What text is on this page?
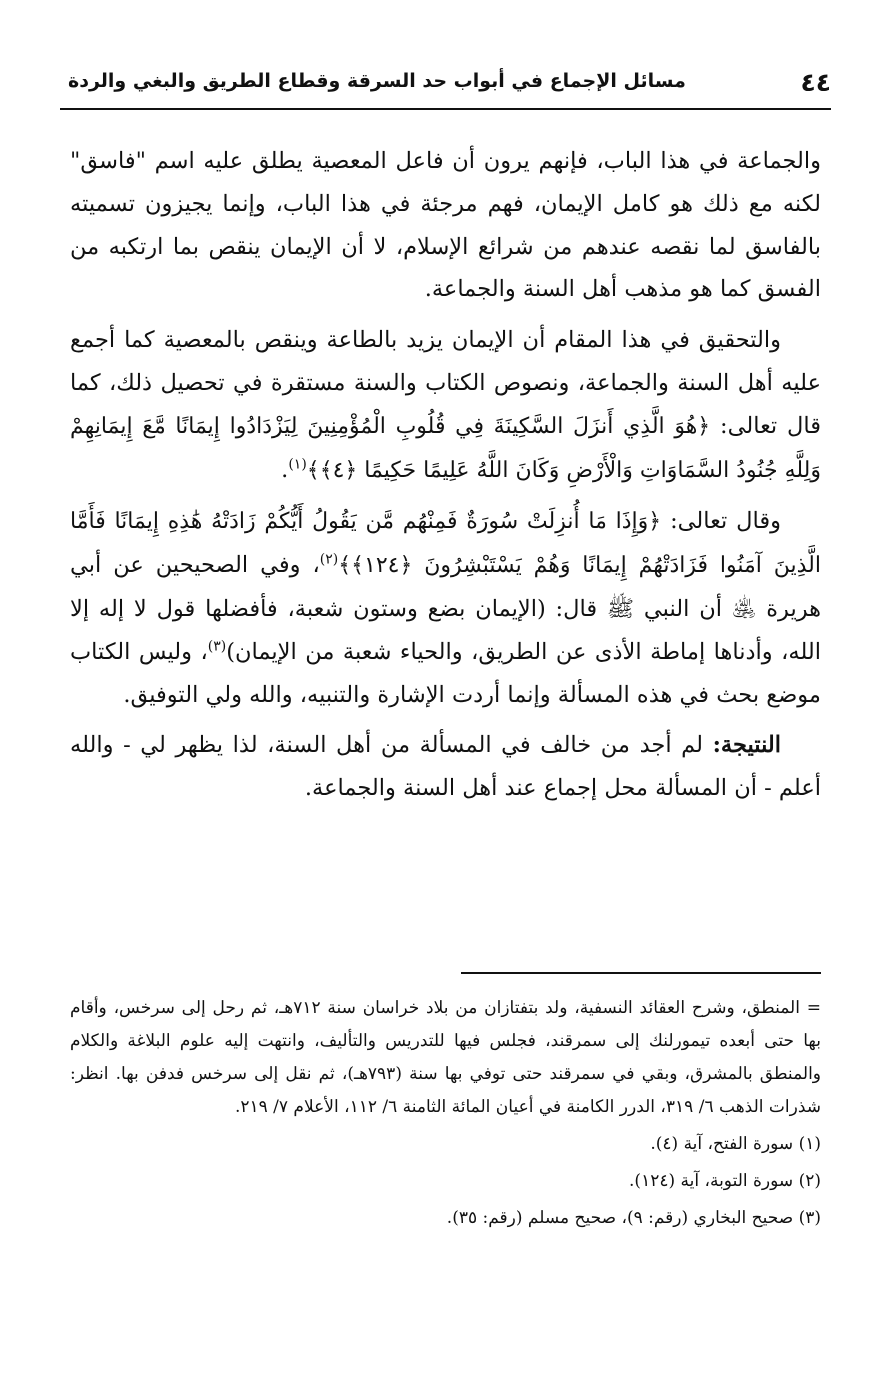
٤٤
مسائل الإجماع في أبواب حد السرقة وقطاع الطريق والبغي والردة

والجماعة في هذا الباب، فإنهم يرون أن فاعل المعصية يطلق عليه اسم "فاسق" لكنه مع ذلك هو كامل الإيمان، فهم مرجئة في هذا الباب، وإنما يجيزون تسميته بالفاسق لما نقصه عندهم من شرائع الإسلام، لا أن الإيمان ينقص بما ارتكبه من الفسق كما هو مذهب أهل السنة والجماعة.

والتحقيق في هذا المقام أن الإيمان يزيد بالطاعة وينقص بالمعصية كما أجمع عليه أهل السنة والجماعة، ونصوص الكتاب والسنة مستقرة في تحصيل ذلك، كما قال تعالى: ﴿هُوَ الَّذِي أَنزَلَ السَّكِينَةَ فِي قُلُوبِ الْمُؤْمِنِينَ لِيَزْدَادُوا إِيمَانًا مَّعَ إِيمَانِهِمْ وَلِلَّهِ جُنُودُ السَّمَاوَاتِ وَالْأَرْضِ وَكَانَ اللَّهُ عَلِيمًا حَكِيمًا ﴿٤﴾﴾$^{(١)}$.

وقال تعالى: ﴿وَإِذَا مَا أُنزِلَتْ سُورَةٌ فَمِنْهُم مَّن يَقُولُ أَيُّكُمْ زَادَتْهُ هَٰذِهِ إِيمَانًا فَأَمَّا الَّذِينَ آمَنُوا فَزَادَتْهُمْ إِيمَانًا وَهُمْ يَسْتَبْشِرُونَ ﴿١٢٤﴾﴾$^{(٢)}$، وفي الصحيحين عن أبي هريرة ﵁ أن النبي ﷺ قال: (الإيمان بضع وستون شعبة، فأفضلها قول لا إله إلا الله، وأدناها إماطة الأذى عن الطريق، والحياء شعبة من الإيمان)$^{(٣)}$، وليس الكتاب موضع بحث في هذه المسألة وإنما أردت الإشارة والتنبيه، والله ولي التوفيق.

النتيجة: لم أجد من خالف في المسألة من أهل السنة، لذا يظهر لي - والله أعلم - أن المسألة محل إجماع عند أهل السنة والجماعة.

= المنطق، وشرح العقائد النسفية، ولد بتفتازان من بلاد خراسان سنة ٧١٢هـ، ثم رحل إلى سرخس، وأقام بها حتى أبعده تيمورلنك إلى سمرقند، فجلس فيها للتدريس والتأليف، وانتهت إليه علوم البلاغة والكلام والمنطق بالمشرق، وبقي في سمرقند حتى توفي بها سنة (٧٩٣هـ)، ثم نقل إلى سرخس فدفن بها. انظر: شذرات الذهب ٦/ ٣١٩، الدرر الكامنة في أعيان المائة الثامنة ٦/ ١١٢، الأعلام ٧/ ٢١٩.

(١) سورة الفتح، آية (٤).
(٢) سورة التوبة، آية (١٢٤).
(٣) صحيح البخاري (رقم: ٩)، صحيح مسلم (رقم: ٣٥).
